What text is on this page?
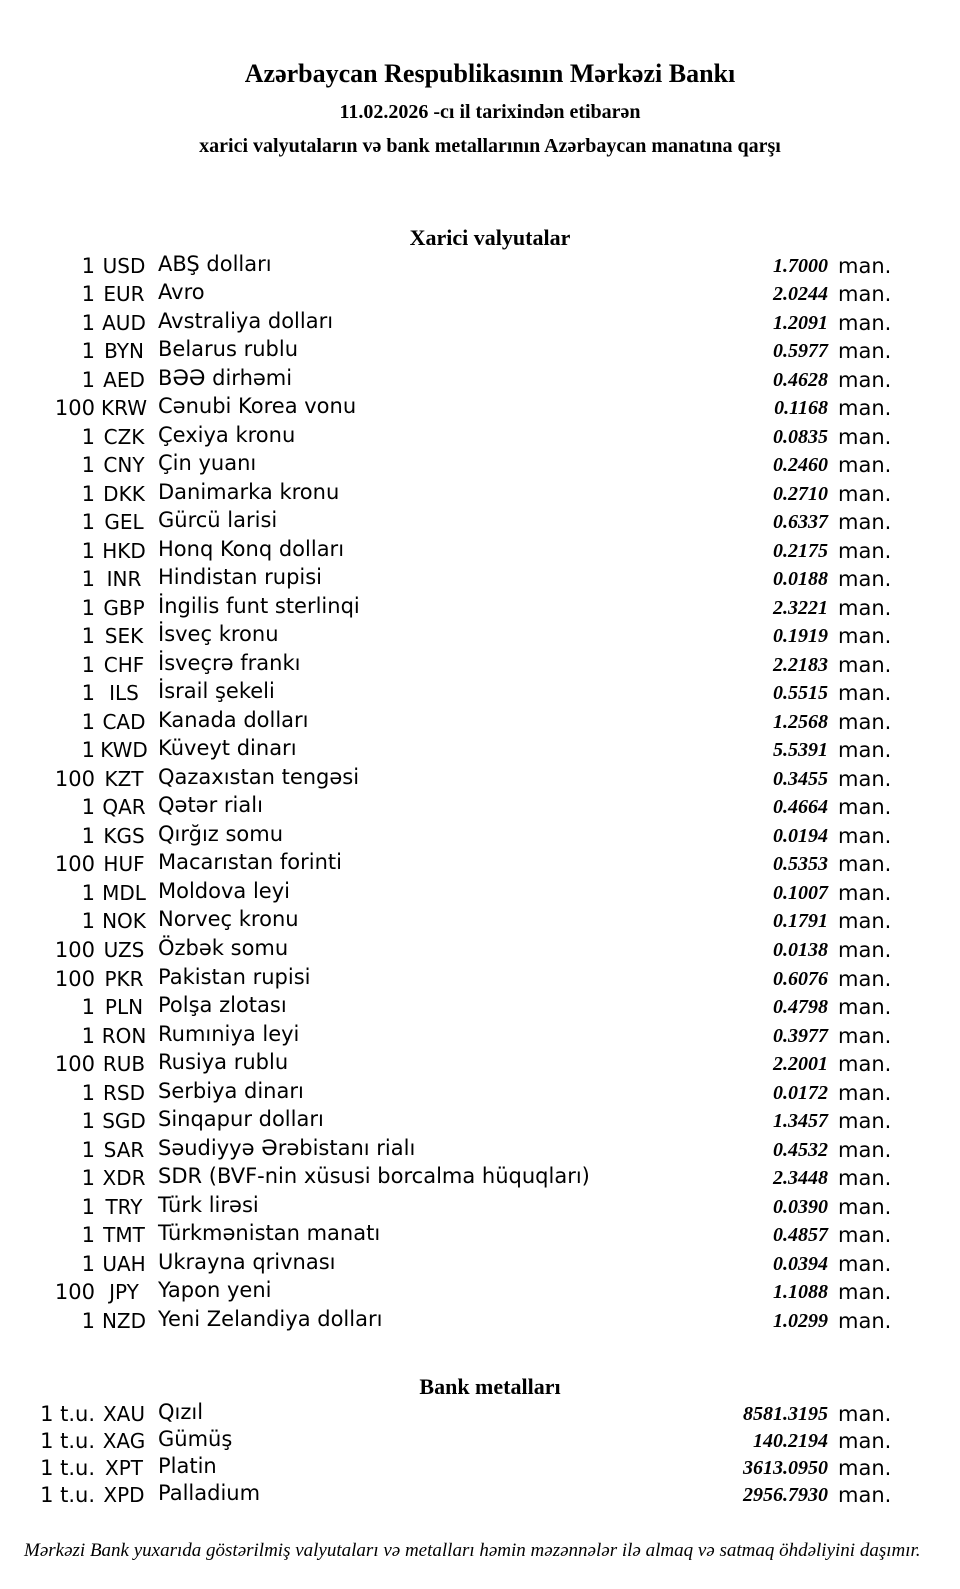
Azərbaycan Respublikasının Mərkəzi Bankı
11.02.2026 -cı il tarixindən etibarən
xarici valyutaların və bank metallarının Azərbaycan manatına qarşı
Xarici valyutalar
1 USD ABŞ dolları	1.7000 man.
1 EUR Avro	2.0244 man.
1 AUD Avstraliya dolları	1.2091 man.
1 BYN Belarus rublu	0.5977 man.
1 AED BƏƏ dirhəmi	0.4628 man.
100 KRW Cənubi Korea vonu	0.1168 man.
1 CZK Çexiya kronu	0.0835 man.
1 CNY Çin yuanı	0.2460 man.
1 DKK Danimarka kronu	0.2710 man.
1 GEL Gürcü larisi	0.6337 man.
1 HKD Honq Konq dolları	0.2175 man.
1 INR Hindistan rupisi	0.0188 man.
1 GBP İngilis funt sterlinqi	2.3221 man.
1 SEK İsveç kronu	0.1919 man.
1 CHF İsveçrə frankı	2.2183 man.
1 ILS İsrail şekeli	0.5515 man.
1 CAD Kanada dolları	1.2568 man.
1 KWD Küveyt dinarı	5.5391 man.
100 KZT Qazaxıstan tengəsi	0.3455 man.
1 QAR Qətər rialı	0.4664 man.
1 KGS Qırğız somu	0.0194 man.
100 HUF Macarıstan forinti	0.5353 man.
1 MDL Moldova leyi	0.1007 man.
1 NOK Norveç kronu	0.1791 man.
100 UZS Özbək somu	0.0138 man.
100 PKR Pakistan rupisi	0.6076 man.
1 PLN Polşa zlotası	0.4798 man.
1 RON Rumıniya leyi	0.3977 man.
100 RUB Rusiya rublu	2.2001 man.
1 RSD Serbiya dinarı	0.0172 man.
1 SGD Sinqapur dolları	1.3457 man.
1 SAR Səudiyyə Ərəbistanı rialı	0.4532 man.
1 XDR SDR (BVF-nin xüsusi borcalma hüquqları)	2.3448 man.
1 TRY Türk lirəsi	0.0390 man.
1 TMT Türkmənistan manatı	0.4857 man.
1 UAH Ukrayna qrivnası	0.0394 man.
100 JPY Yapon yeni	1.1088 man.
1 NZD Yeni Zelandiya dolları	1.0299 man.
Bank metalları
1 t.u. XAU Qızıl	8581.3195 man.
1 t.u. XAG Gümüş	140.2194 man.
1 t.u. XPT Platin	3613.0950 man.
1 t.u. XPD Palladium	2956.7930 man.
Mərkəzi Bank yuxarıda göstərilmiş valyutaları və metalları həmin məzənnələr ilə almaq və satmaq öhdəliyini daşımır.
